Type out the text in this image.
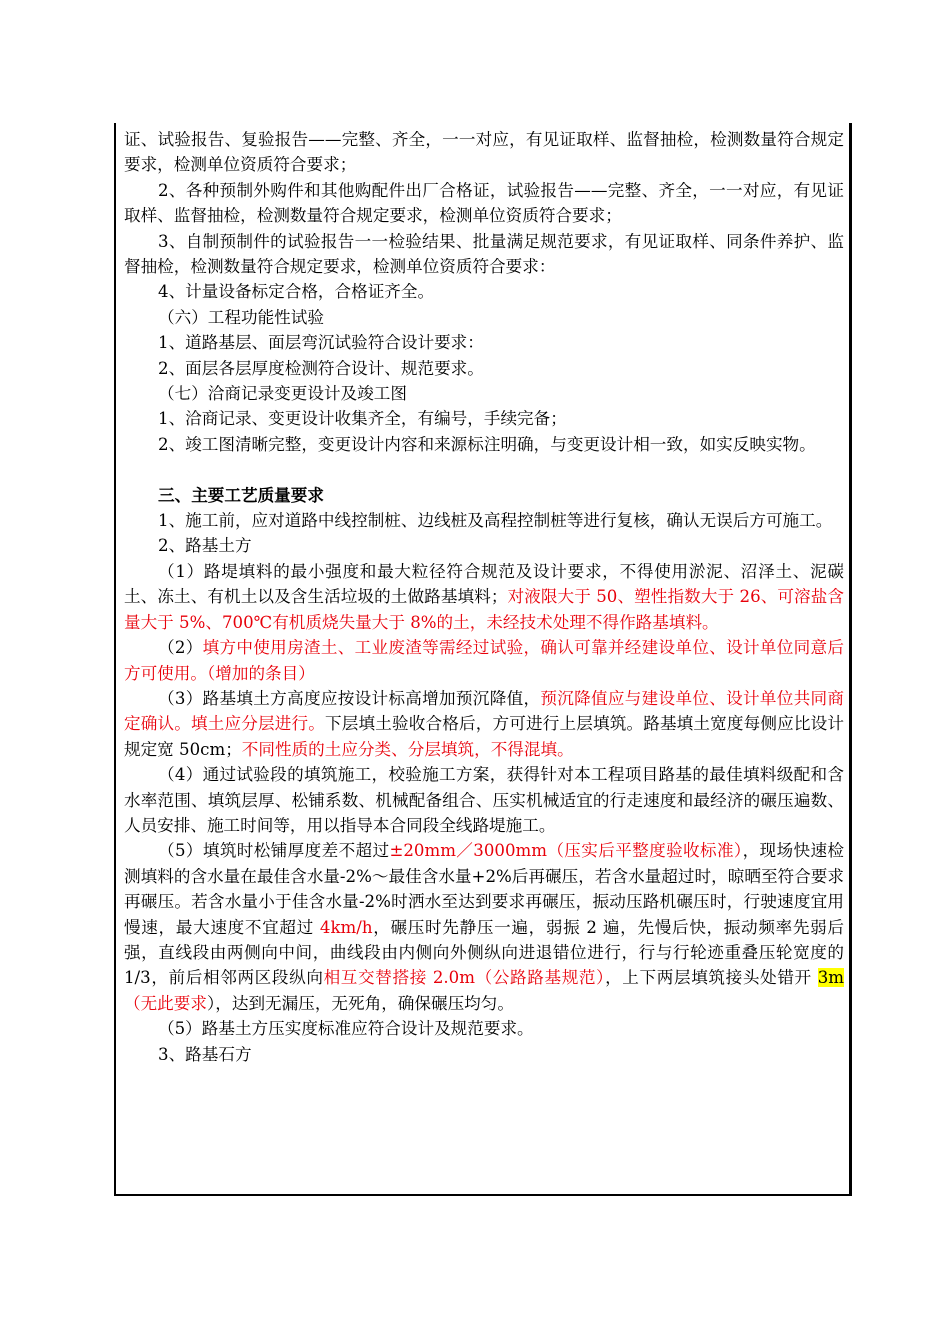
证、试验报告、复验报告——完整、齐全，一一对应，有见证取样、监督抽检，检测数量符合规定要求，检测单位资质符合要求；

2、各种预制外购件和其他购配件出厂合格证，试验报告——完整、齐全，一一对应，有见证取样、监督抽检，检测数量符合规定要求，检测单位资质符合要求；

3、自制预制件的试验报告一一检验结果、批量满足规范要求，有见证取样、同条件养护、监督抽检，检测数量符合规定要求，检测单位资质符合要求：

4、计量设备标定合格，合格证齐全。

（六）工程功能性试验

1、道路基层、面层弯沉试验符合设计要求：

2、面层各层厚度检测符合设计、规范要求。

（七）洽商记录变更设计及竣工图

1、洽商记录、变更设计收集齐全，有编号，手续完备；

2、竣工图清晰完整，变更设计内容和来源标注明确，与变更设计相一致，如实反映实物。

三、主要工艺质量要求

1、施工前，应对道路中线控制桩、边线桩及高程控制桩等进行复核，确认无误后方可施工。

2、路基土方

（1）路堤填料的最小强度和最大粒径符合规范及设计要求，不得使用淤泥、沼泽土、泥碳土、冻土、有机土以及含生活垃圾的土做路基填料；对液限大于 50、塑性指数大于 26、可溶盐含量大于 5%、700℃有机质烧失量大于 8%的土，未经技术处理不得作路基填料。

（2）填方中使用房渣土、工业废渣等需经过试验，确认可靠并经建设单位、设计单位同意后方可使用。（增加的条目）

（3）路基填土方高度应按设计标高增加预沉降值，预沉降值应与建设单位、设计单位共同商定确认。填土应分层进行。下层填土验收合格后，方可进行上层填筑。路基填土宽度每侧应比设计规定宽 50cm；不同性质的土应分类、分层填筑，不得混填。

（4）通过试验段的填筑施工，校验施工方案，获得针对本工程项目路基的最佳填料级配和含水率范围、填筑层厚、松铺系数、机械配备组合、压实机械适宜的行走速度和最经济的碾压遍数、人员安排、施工时间等，用以指导本合同段全线路堤施工。

（5）填筑时松铺厚度差不超过±20mm／3000mm（压实后平整度验收标准），现场快速检测填料的含水量在最佳含水量-2%～最佳含水量+2%后再碾压，若含水量超过时，晾晒至符合要求再碾压。若含水量小于佳含水量-2%时洒水至达到要求再碾压，振动压路机碾压时，行驶速度宜用慢速，最大速度不宜超过 4km/h，碾压时先静压一遍，弱振 2 遍，先慢后快，振动频率先弱后强，直线段由两侧向中间，曲线段由内侧向外侧纵向进退错位进行，行与行轮迹重叠压轮宽度的 1/3，前后相邻两区段纵向相互交替搭接 2.0m（公路路基规范），上下两层填筑接头处错开 3m（无此要求），达到无漏压，无死角，确保碾压均匀。

（5）路基土方压实度标准应符合设计及规范要求。

3、路基石方
